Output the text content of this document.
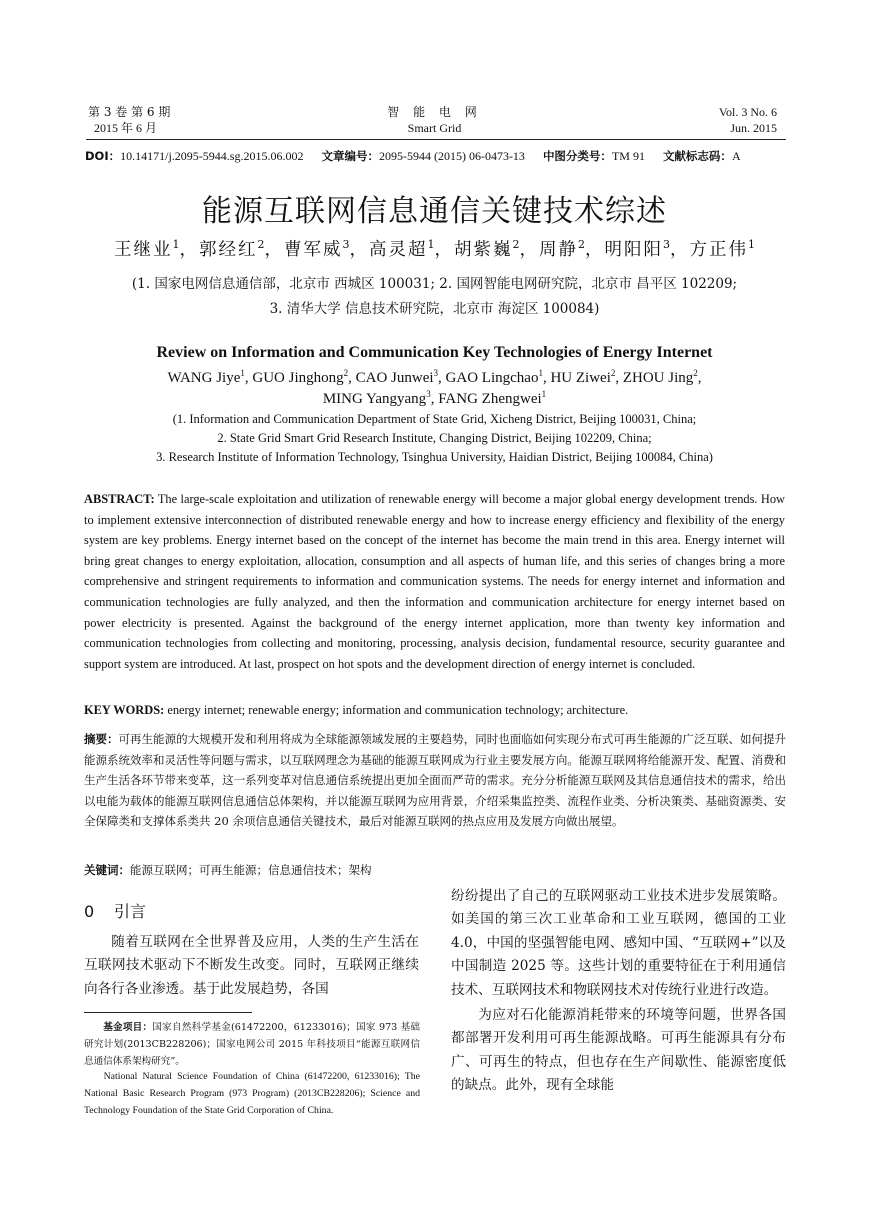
第 3 卷 第 6 期
2015 年 6 月
智 能 电 网
Smart Grid
Vol. 3 No. 6
Jun. 2015
DOI：10.14171/j.2095-5944.sg.2015.06.002 文章编号：2095-5944 (2015) 06-0473-13 中图分类号：TM 91 文献标志码：A
能源互联网信息通信关键技术综述
王继业$^1$，郭经红$^2$，曹军威$^3$，高灵超$^1$，胡紫巍$^2$，周静$^2$，明阳阳$^3$，方正伟$^1$
(1. 国家电网信息通信部，北京市 西城区 100031; 2. 国网智能电网研究院，北京市 昌平区 102209;
3. 清华大学 信息技术研究院，北京市 海淀区 100084)
Review on Information and Communication Key Technologies of Energy Internet
WANG Jiye$^1$, GUO Jinghong$^2$, CAO Junwei$^3$, GAO Lingchao$^1$, HU Ziwei$^2$, ZHOU Jing$^2$,
MING Yangyang$^3$, FANG Zhengwei$^1$
(1. Information and Communication Department of State Grid, Xicheng District, Beijing 100031, China;
2. State Grid Smart Grid Research Institute, Changing District, Beijing 102209, China;
3. Research Institute of Information Technology, Tsinghua University, Haidian District, Beijing 100084, China)
ABSTRACT: The large-scale exploitation and utilization of renewable energy will become a major global energy development trends. How to implement extensive interconnection of distributed renewable energy and how to increase energy efficiency and flexibility of the energy system are key problems. Energy internet based on the concept of the internet has become the main trend in this area. Energy internet will bring great changes to energy exploitation, allocation, consumption and all aspects of human life, and this series of changes bring a more comprehensive and stringent requirements to information and communication systems. The needs for energy internet and information and communication technologies are fully analyzed, and then the information and communication architecture for energy internet based on power electricity is presented. Against the background of the energy internet application, more than twenty key information and communication technologies from collecting and monitoring, processing, analysis decision, fundamental resource, security guarantee and support system are introduced. At last, prospect on hot spots and the development direction of energy internet is concluded.
KEY WORDS: energy internet; renewable energy; information and communication technology; architecture.
摘要：可再生能源的大规模开发和利用将成为全球能源领域发展的主要趋势，同时也面临如何实现分布式可再生能源的广泛互联、如何提升能源系统效率和灵活性等问题与需求，以互联网理念为基础的能源互联网成为行业主要发展方向。能源互联网将给能源开发、配置、消费和生产生活各环节带来变革，这一系列变革对信息通信系统提出更加全面而严苛的需求。充分分析能源互联网及其信息通信技术的需求，给出以电能为载体的能源互联网信息通信总体架构，并以能源互联网为应用背景，介绍采集监控类、流程作业类、分析决策类、基础资源类、安全保障类和支撑体系类共 20 余项信息通信关键技术，最后对能源互联网的热点应用及发展方向做出展望。
关键词：能源互联网；可再生能源；信息通信技术；架构
0 引言

随着互联网在全世界普及应用，人类的生产生活在互联网技术驱动下不断发生改变。同时，互联网正继续向各行各业渗透。基于此发展趋势，各国

纷纷提出了自己的互联网驱动工业技术进步发展策略。如美国的第三次工业革命和工业互联网，德国的工业 4.0，中国的坚强智能电网、感知中国、“互联网+”以及中国制造 2025 等。这些计划的重要特征在于利用通信技术、互联网技术和物联网技术对传统行业进行改造。

为应对石化能源消耗带来的环境等问题，世界各国都部署开发利用可再生能源战略。可再生能源具有分布广、可再生的特点，但也存在生产间歇性、能源密度低的缺点。此外，现有全球能

基金项目：国家自然科学基金(61472200，61233016)；国家 973 基础研究计划(2013CB228206)；国家电网公司 2015 年科技项目“能源互联网信息通信体系架构研究”。

National Natural Science Foundation of China (61472200, 61233016); The National Basic Research Program (973 Program) (2013CB228206); Science and Technology Foundation of the State Grid Corporation of China.
